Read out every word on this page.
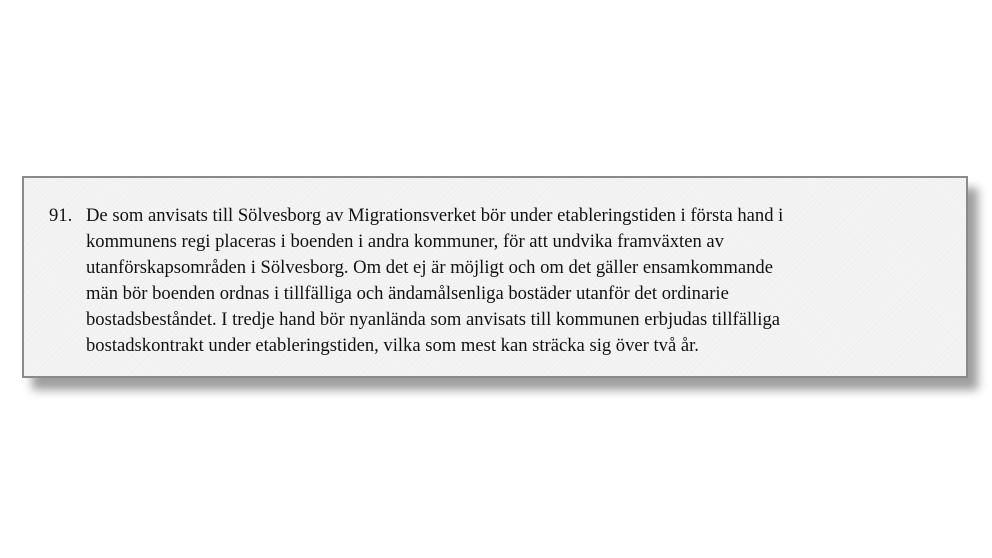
91. De som anvisats till Sölvesborg av Migrationsverket bör under etableringstiden i första hand i
kommunens regi placeras i boenden i andra kommuner, för att undvika framväxten av
utanförskapsområden i Sölvesborg. Om det ej är möjligt och om det gäller ensamkommande
män bör boenden ordnas i tillfälliga och ändamålsenliga bostäder utanför det ordinarie
bostadsbeståndet. I tredje hand bör nyanlända som anvisats till kommunen erbjudas tillfälliga
bostadskontrakt under etableringstiden, vilka som mest kan sträcka sig över två år.
